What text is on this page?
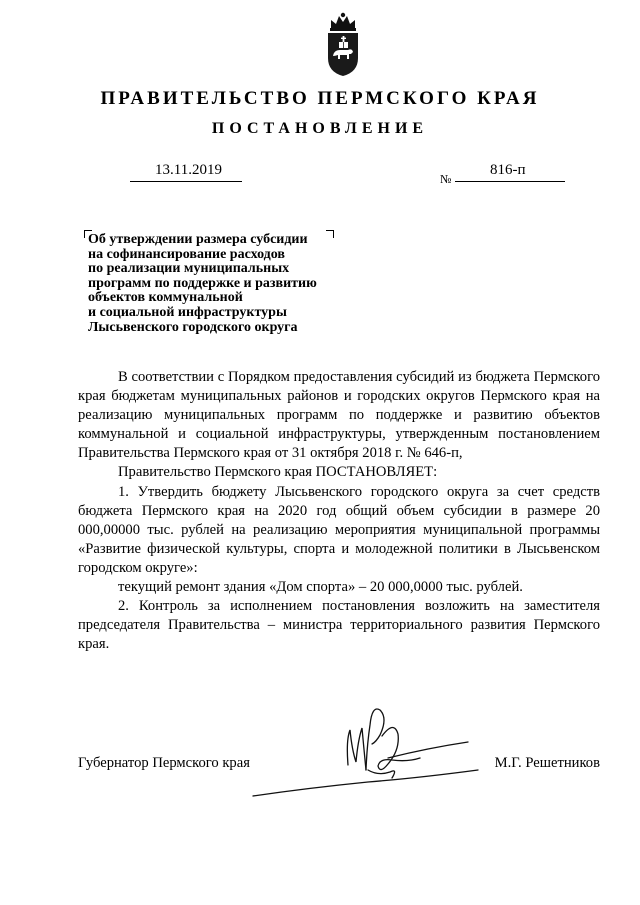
ПРАВИТЕЛЬСТВО ПЕРМСКОГО КРАЯ
ПОСТАНОВЛЕНИЕ
13.11.2019
№
816-п
Об утверждении размера субсидии
на софинансирование расходов
по реализации муниципальных
программ по поддержке и развитию
объектов коммунальной
и социальной инфраструктуры
Лысьвенского городского округа

В соответствии с Порядком предоставления субсидий из бюджета Пермского края бюджетам муниципальных районов и городских округов Пермского края на реализацию муниципальных программ по поддержке и развитию объектов коммунальной и социальной инфраструктуры, утвержденным постановлением Правительства Пермского края от 31 октября 2018 г. № 646-п,

Правительство Пермского края ПОСТАНОВЛЯЕТ:

1. Утвердить бюджету Лысьвенского городского округа за счет средств бюджета Пермского края на 2020 год общий объем субсидии в размере 20 000,00000 тыс. рублей на реализацию мероприятия муниципальной программы «Развитие физической культуры, спорта и молодежной политики в Лысьвенском городском округе»:

текущий ремонт здания «Дом спорта» – 20 000,0000 тыс. рублей.

2. Контроль за исполнением постановления возложить на заместителя председателя Правительства – министра территориального развития Пермского края.

Губернатор Пермского края	М.Г. Решетников
